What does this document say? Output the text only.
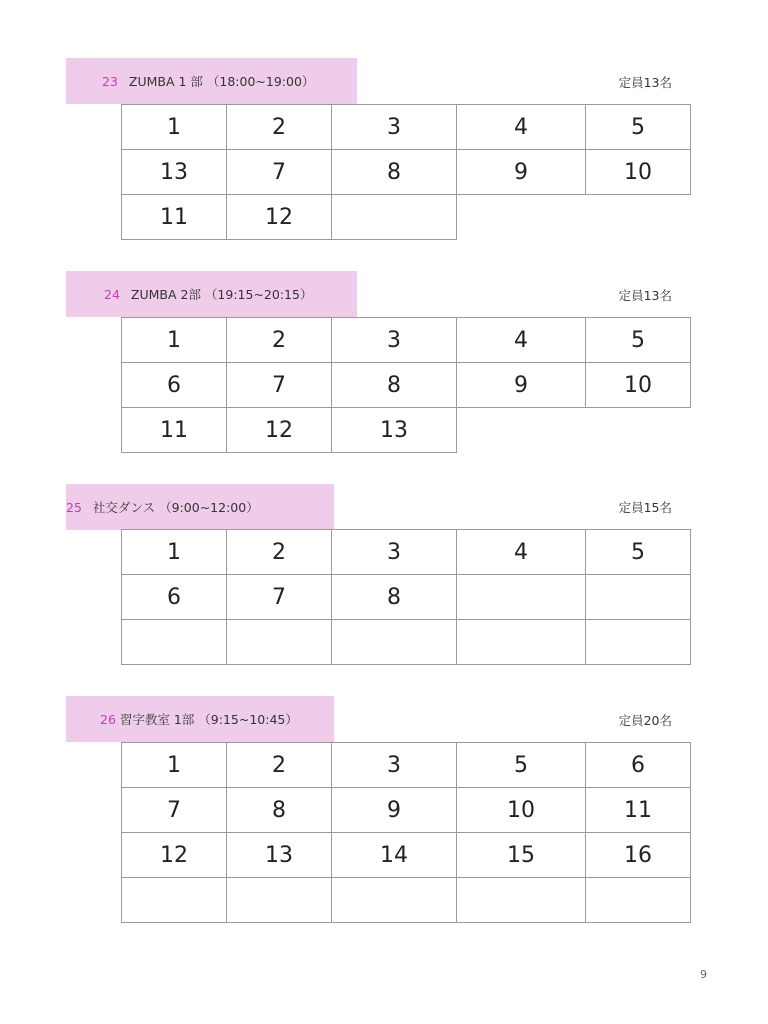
23 ZUMBA 1 部 （18:00~19:00）	定員13名
1	2	3	4	5
13	7	8	9	10
11	12			
24 ZUMBA 2部 （19:15~20:15）	定員13名
1	2	3	4	5
6	7	8	9	10
11	12	13		
25 社交ダンス （9:00~12:00）	定員15名
1	2	3	4	5
6	7	8		

26 習字教室 1部 （9:15~10:45）	定員20名
1	2	3	5	6
7	8	9	10	11
12	13	14	15	16

9
